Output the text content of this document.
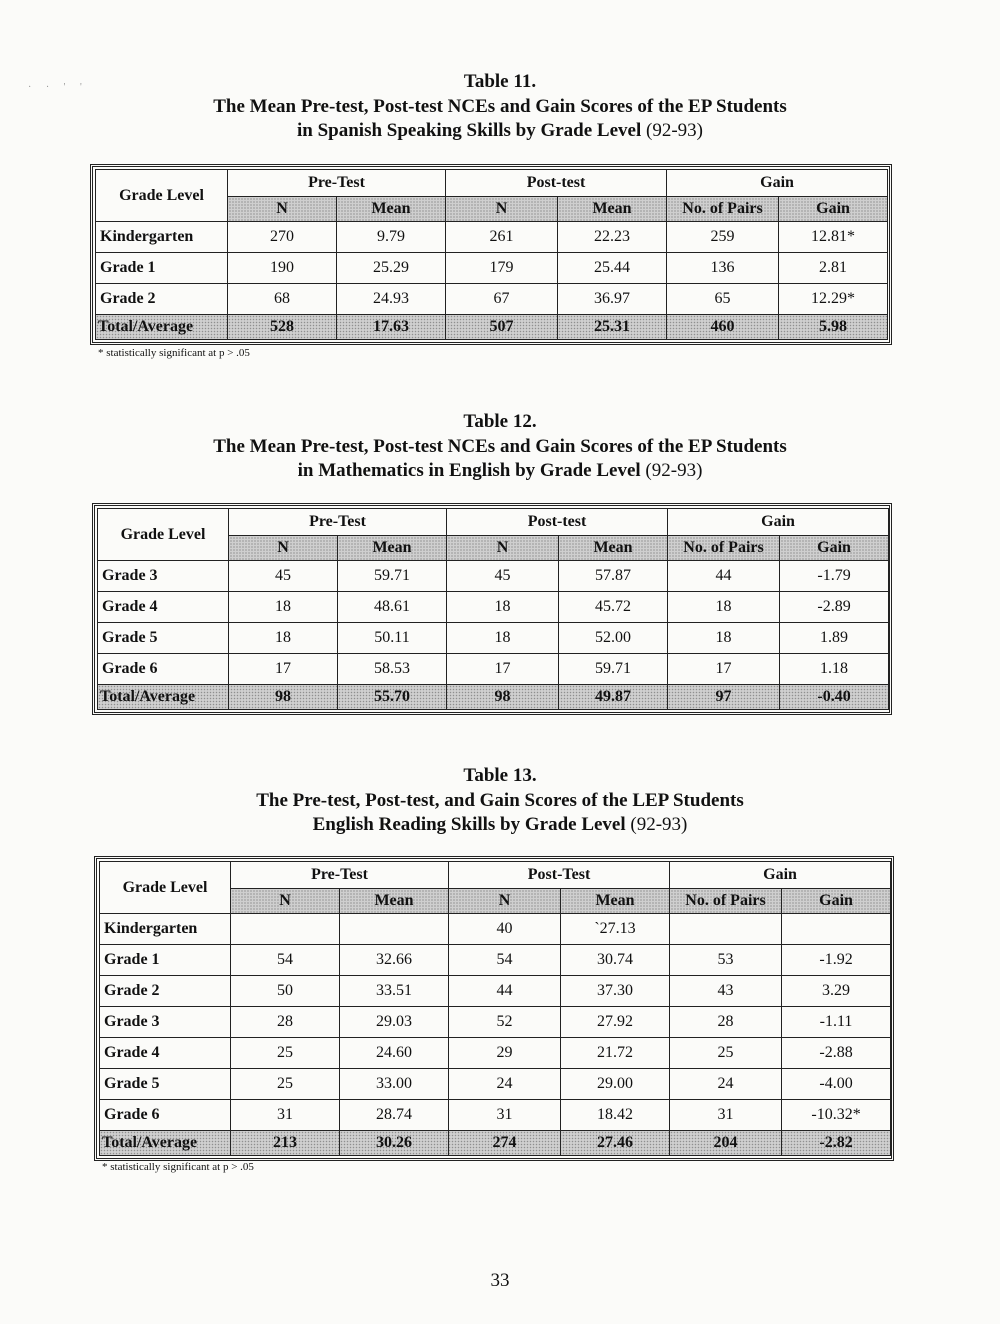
· · ' '	Table 11.
The Mean Pre-test, Post-test NCEs and Gain Scores of the EP Students
in Spanish Speaking Skills by Grade Level (92-93)
Grade Level	Pre-Test		Post-test		Gain	
	N	Mean	N	Mean	No. of Pairs	Gain
Kindergarten	270	9.79	261	22.23	259	12.81*
Grade 1	190	25.29	179	25.44	136	2.81
Grade 2	68	24.93	67	36.97	65	12.29*
Total/Average	528	17.63	507	25.31	460	5.98
* statistically significant at p > .05
Table 12.
The Mean Pre-test, Post-test NCEs and Gain Scores of the EP Students
in Mathematics in English by Grade Level (92-93)
Grade Level	Pre-Test		Post-test		Gain	
	N	Mean	N	Mean	No. of Pairs	Gain
Grade 3	45	59.71	45	57.87	44	-1.79
Grade 4	18	48.61	18	45.72	18	-2.89
Grade 5	18	50.11	18	52.00	18	1.89
Grade 6	17	58.53	17	59.71	17	1.18
Total/Average	98	55.70	98	49.87	97	-0.40
Table 13.
The Pre-test, Post-test, and Gain Scores of the LEP Students
English Reading Skills by Grade Level (92-93)
Grade Level	Pre-Test		Post-Test		Gain	
	N	Mean	N	Mean	No. of Pairs	Gain
Kindergarten			40	`27.13		
Grade 1	54	32.66	54	30.74	53	-1.92
Grade 2	50	33.51	44	37.30	43	3.29
Grade 3	28	29.03	52	27.92	28	-1.11
Grade 4	25	24.60	29	21.72	25	-2.88
Grade 5	25	33.00	24	29.00	24	-4.00
Grade 6	31	28.74	31	18.42	31	-10.32*
Total/Average	213	30.26	274	27.46	204	-2.82
* statistically significant at p > .05
33
